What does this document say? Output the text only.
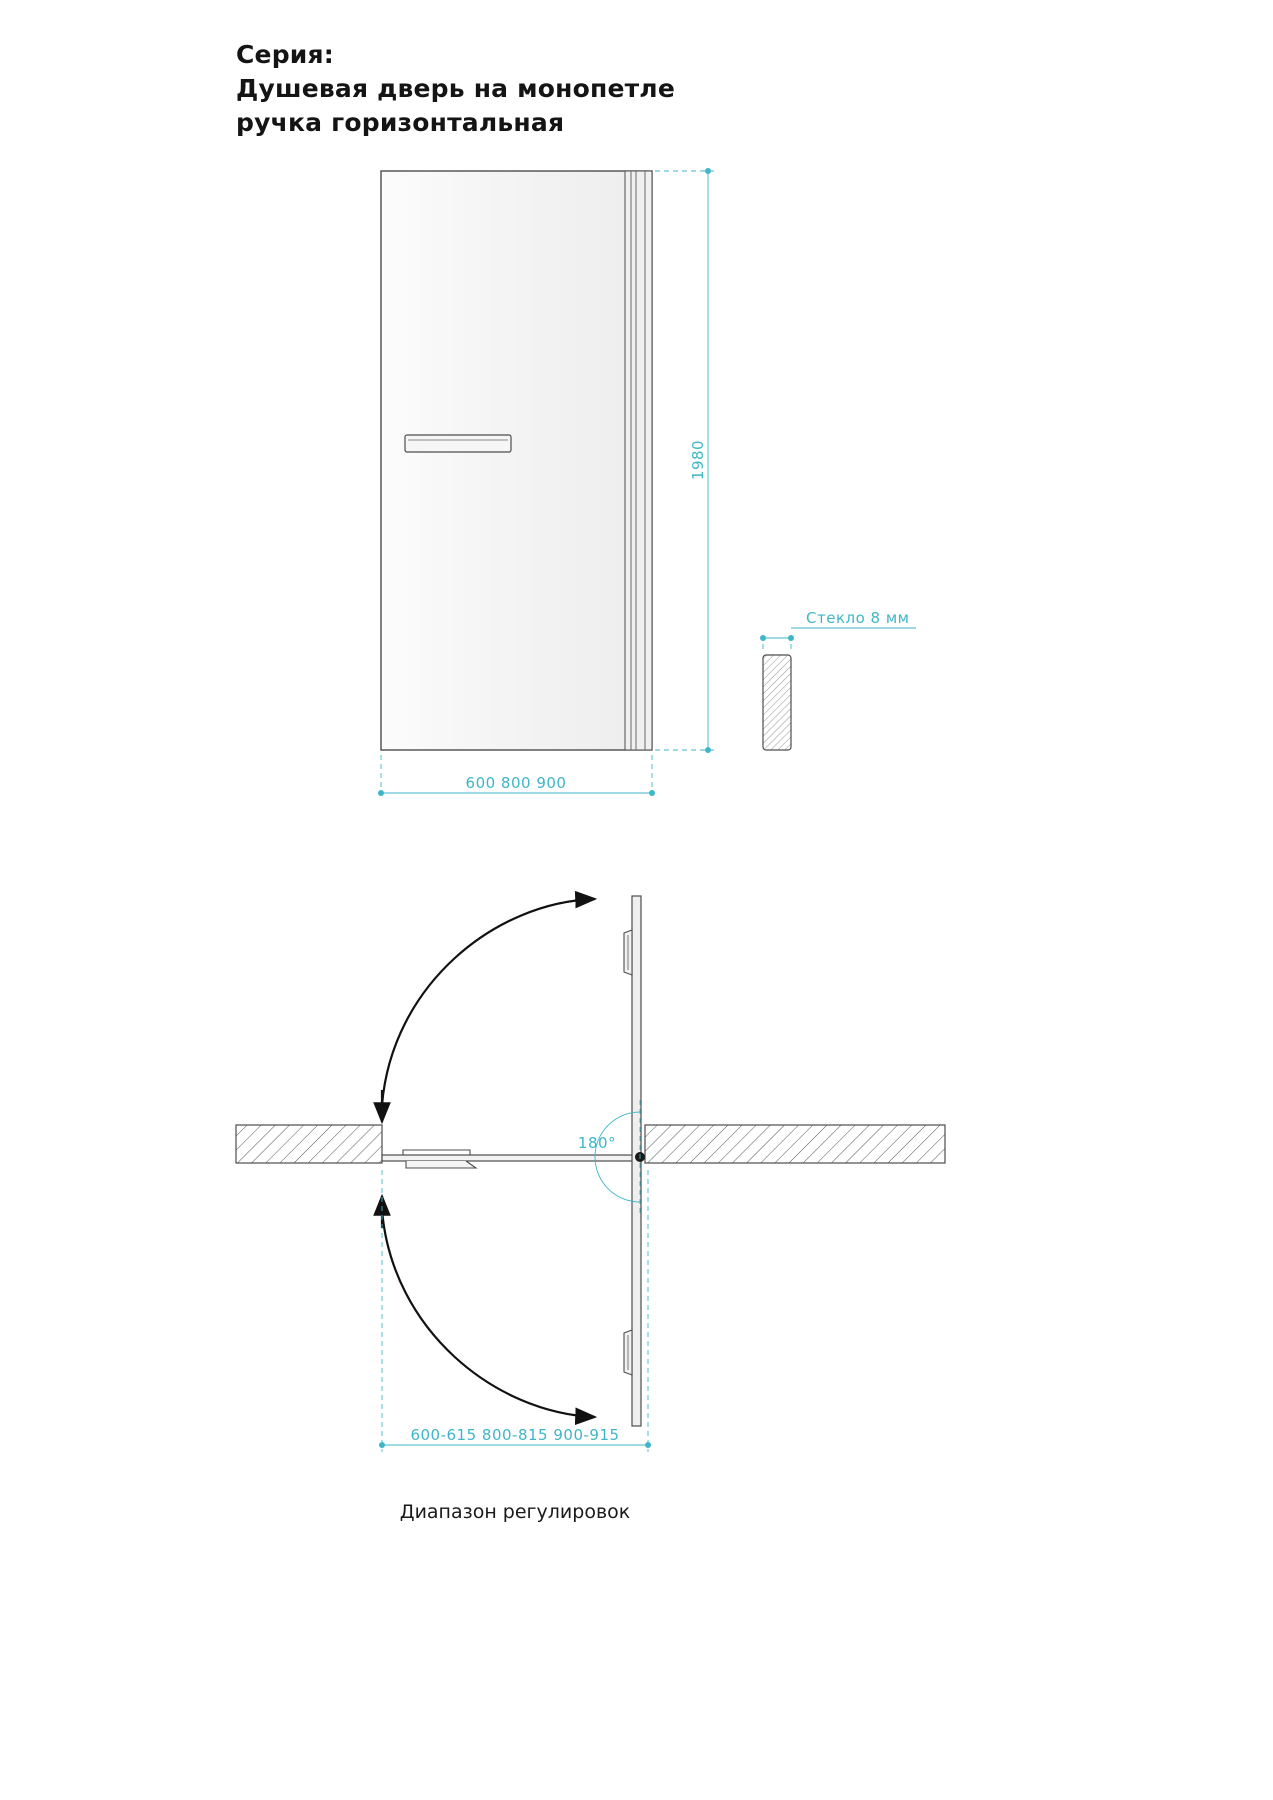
Серия:
Душевая дверь на монопетле
ручка горизонтальная
1980
600 800 900
Стекло 8 мм
180°
600-615 800-815 900-915
Диапазон регулировок
